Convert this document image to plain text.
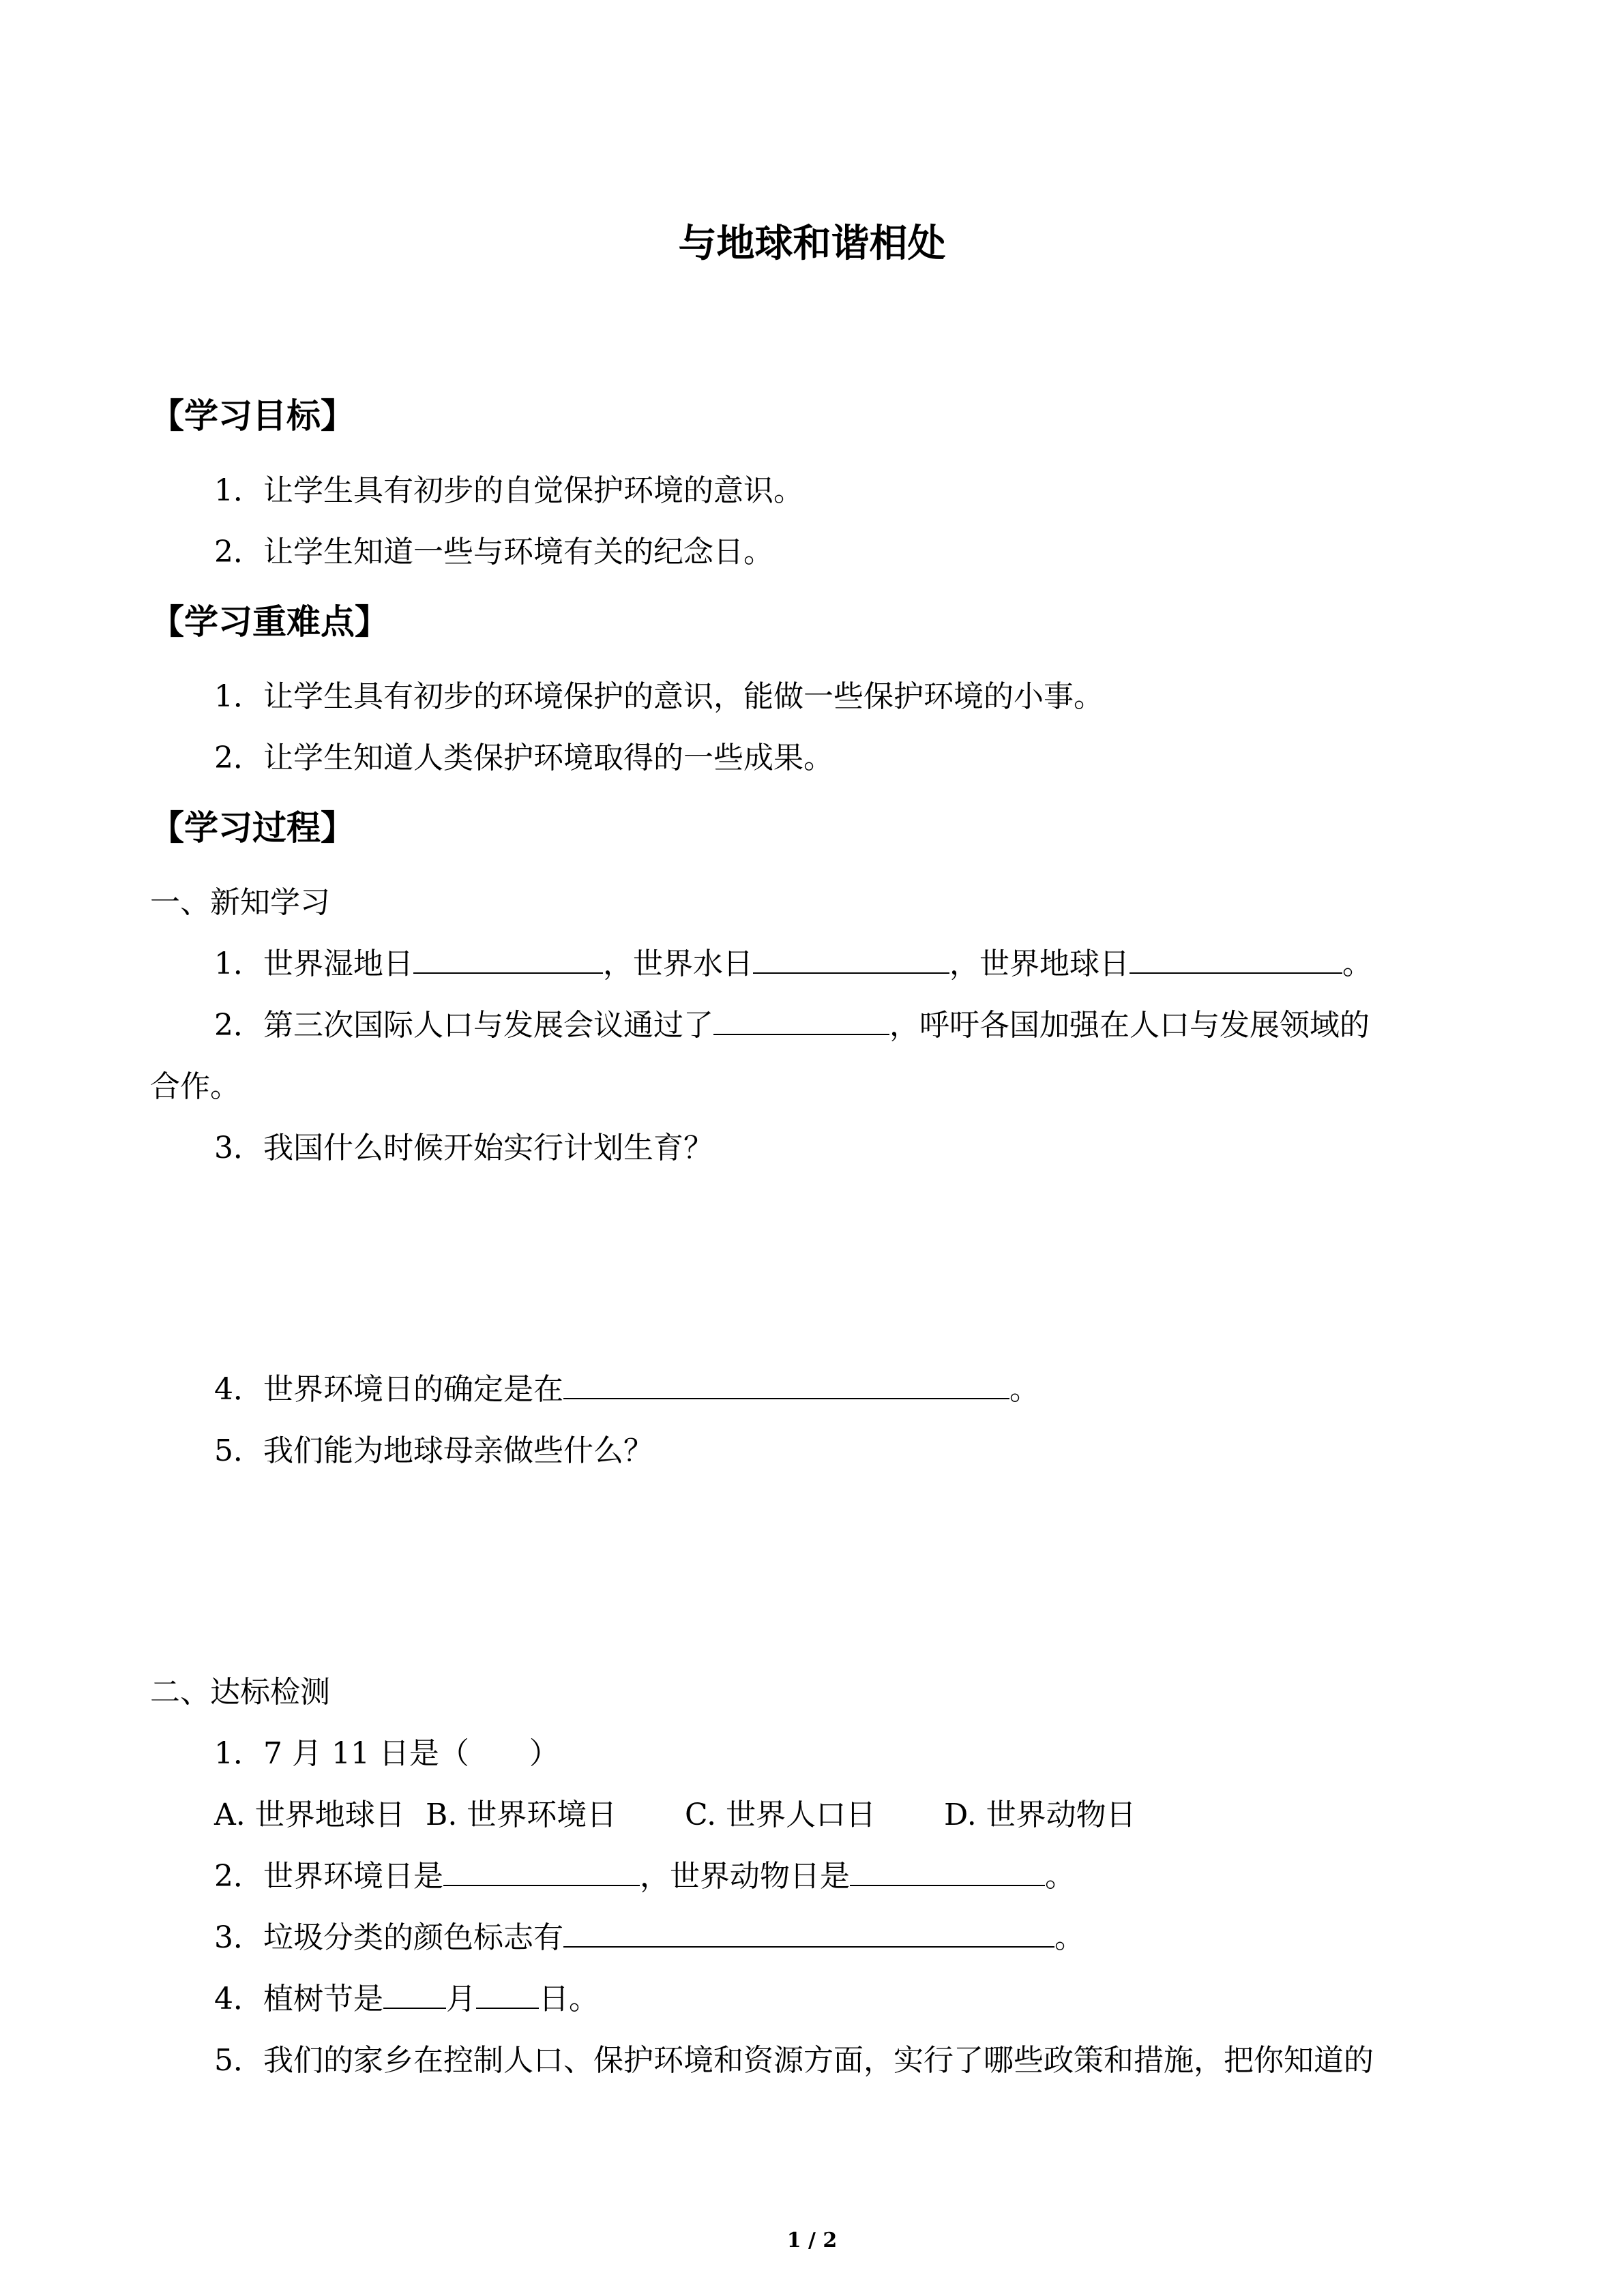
与地球和谐相处
【学习目标】
1．让学生具有初步的自觉保护环境的意识。
2．让学生知道一些与环境有关的纪念日。
【学习重难点】
1．让学生具有初步的环境保护的意识，能做一些保护环境的小事。
2．让学生知道人类保护环境取得的一些成果。
【学习过程】
一、新知学习
1．世界湿地日	，世界水日	，世界地球日	。
2．第三次国际人口与发展会议通过了	，呼吁各国加强在人口与发展领域的
合作。
3．我国什么时候开始实行计划生育？
4．世界环境日的确定是在	。
5．我们能为地球母亲做些什么？
二、达标检测
1．7 月 11 日是（　　）
A. 世界地球日 B. 世界环境日 C. 世界人口日 D. 世界动物日
2．世界环境日是	，世界动物日是	。
3．垃圾分类的颜色标志有	。
4．植树节是 月 日。
5．我们的家乡在控制人口、保护环境和资源方面，实行了哪些政策和措施，把你知道的
1 / 2
